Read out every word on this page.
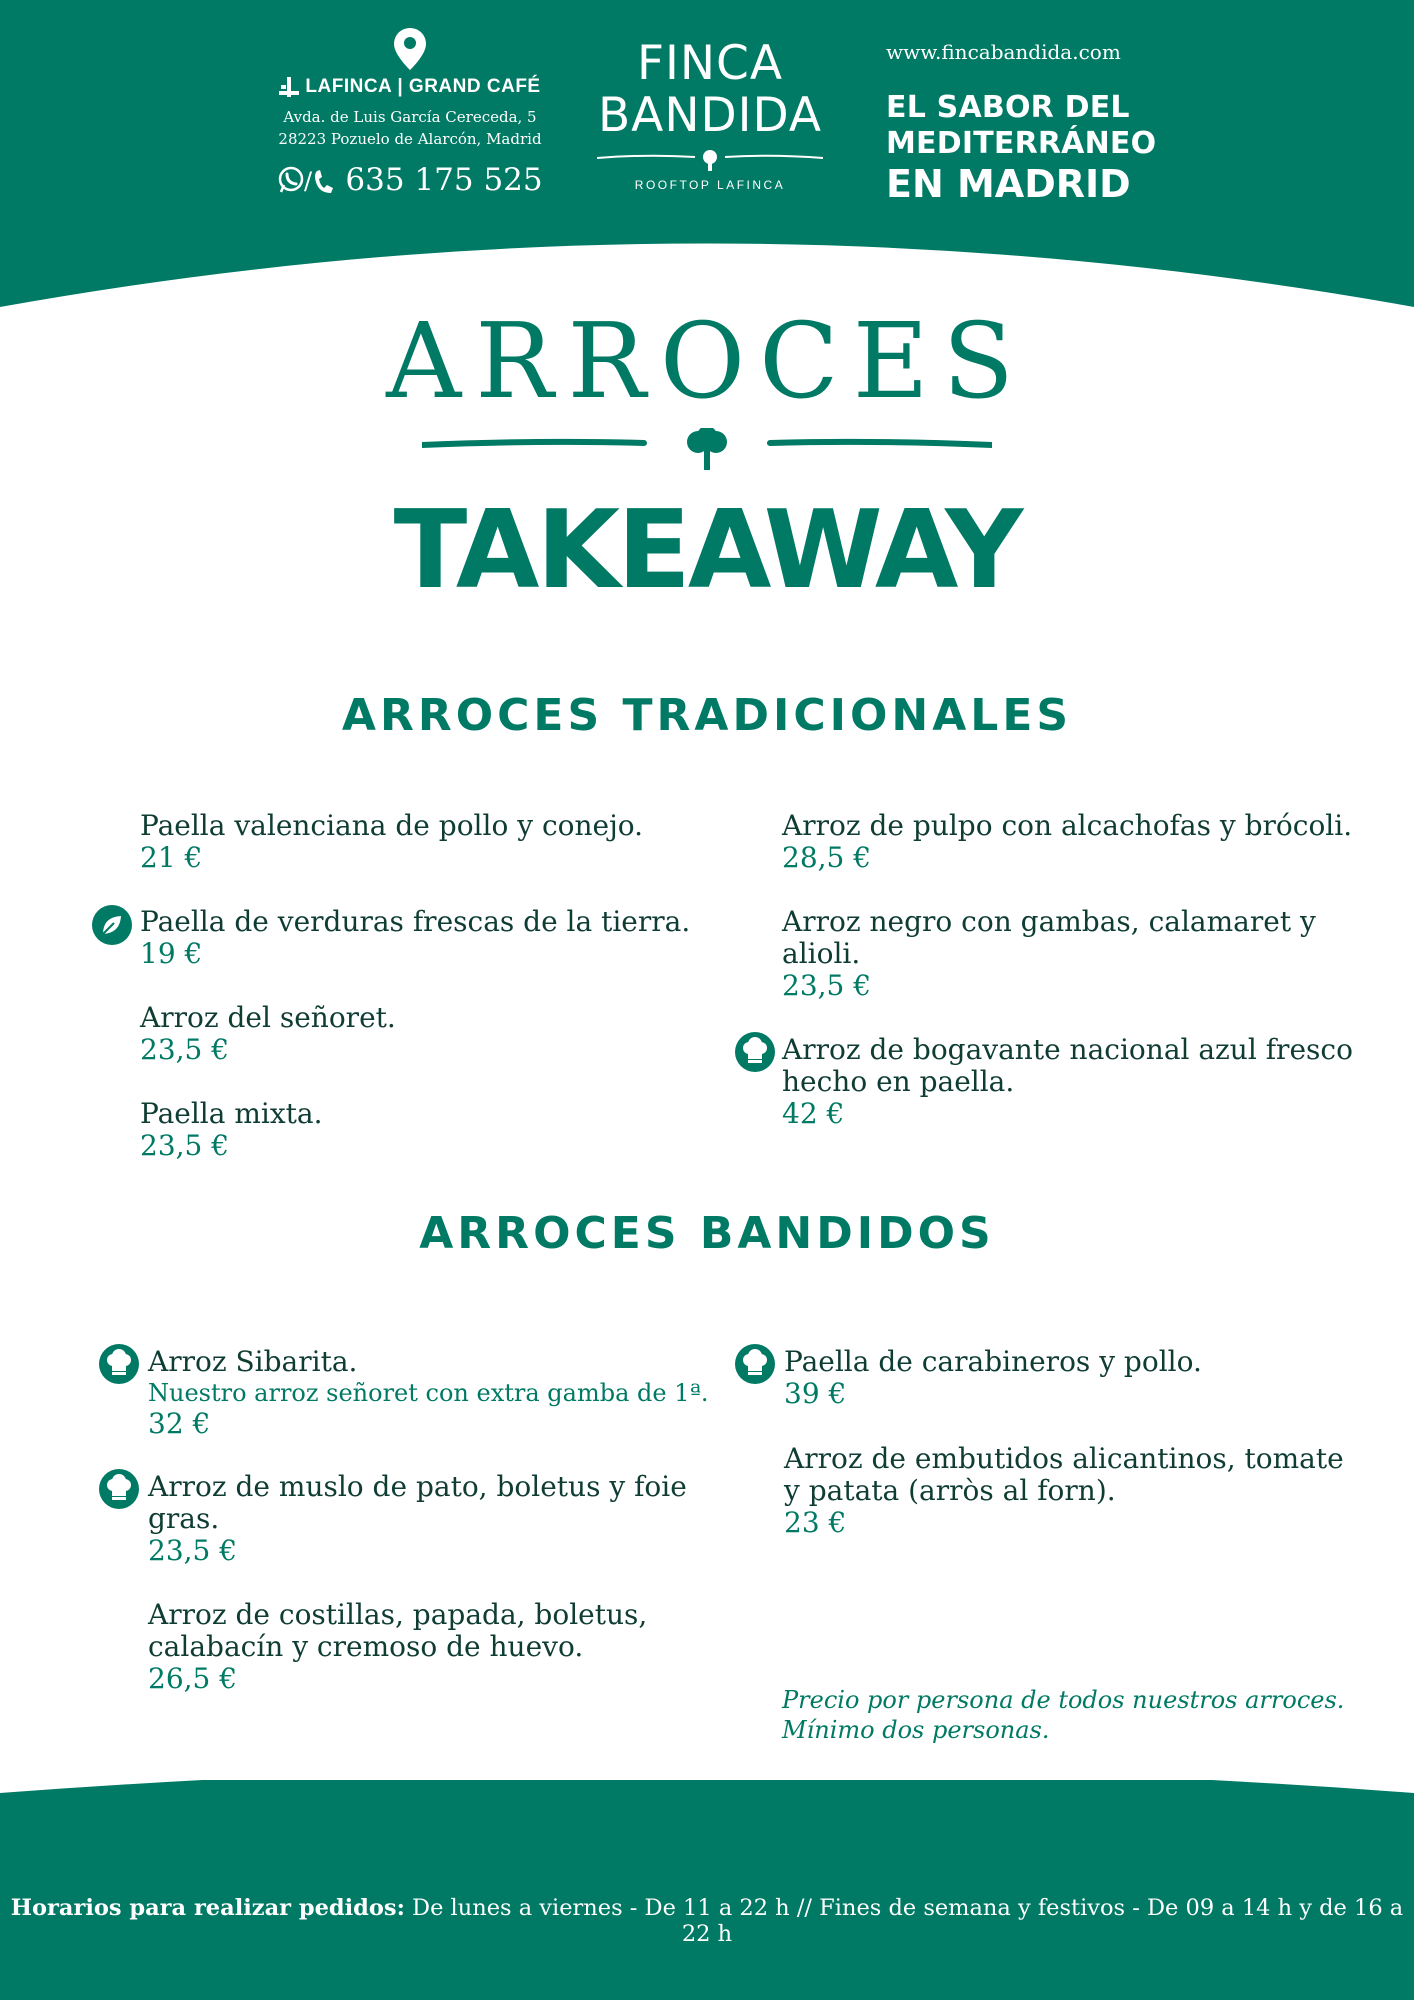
LAFINCA | GRAND CAFÉ
Avda. de Luis García Cereceda, 5
28223 Pozuelo de Alarcón, Madrid
/ 635 175 525
FINCA
BANDIDA
ROOFTOP LAFINCA
www.fincabandida.com
EL SABOR DEL
MEDITERRÁNEO
EN MADRID
ARROCES
TAKEAWAY
ARROCES TRADICIONALES
Paella valenciana de pollo y conejo.
21 €
Paella de verduras frescas de la tierra.
19 €
Arroz del señoret.
23,5 €
Paella mixta.
23,5 €
Arroz de pulpo con alcachofas y brócoli.
28,5 €
Arroz negro con gambas, calamaret y
alioli.
23,5 €
Arroz de bogavante nacional azul fresco
hecho en paella.
42 €
ARROCES BANDIDOS
Arroz Sibarita.
Nuestro arroz señoret con extra gamba de 1ª.
32 €
Arroz de muslo de pato, boletus y foie
gras.
23,5 €
Arroz de costillas, papada, boletus,
calabacín y cremoso de huevo.
26,5 €
Paella de carabineros y pollo.
39 €
Arroz de embutidos alicantinos, tomate
y patata (arròs al forn).
23 €
Precio por persona de todos nuestros arroces.
Mínimo dos personas.
Horarios para realizar pedidos: De lunes a viernes - De 11 a 22 h // Fines de semana y festivos - De 09 a 14 h y de 16 a 22 h
